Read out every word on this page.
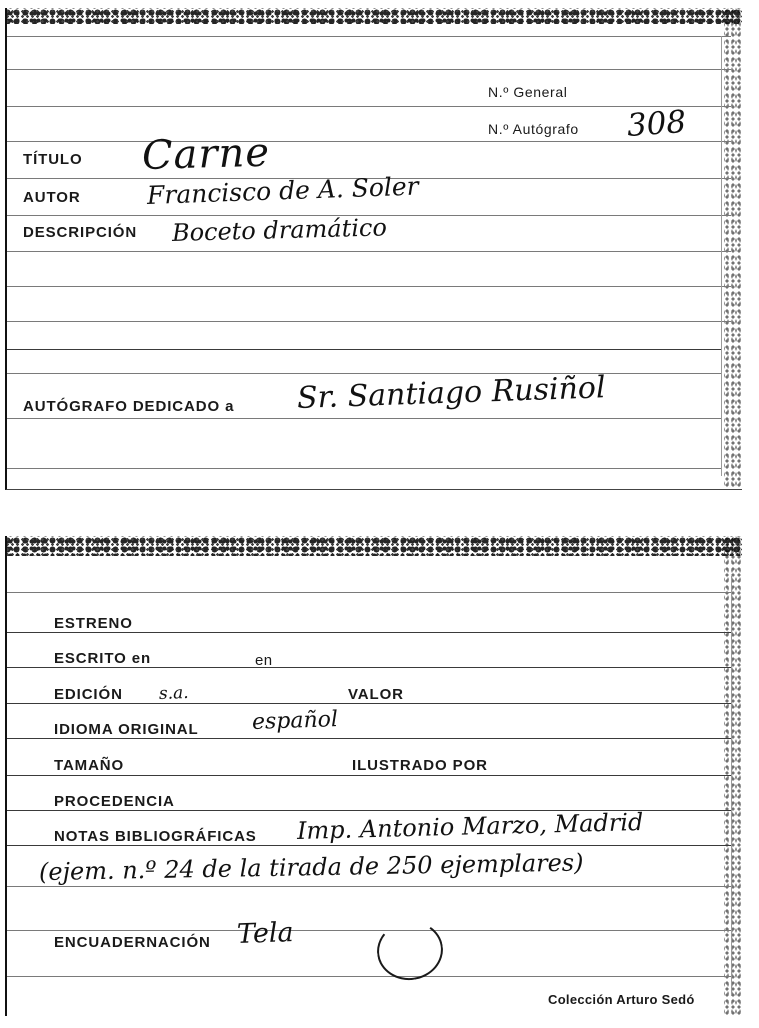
N.º General
N.º Autógrafo 308
TÍTULO Carne
AUTOR	Francisco de A. Soler
DESCRIPCIÓN Boceto dramático
AUTÓGRAFO DEDICADO a Sr. Santiago Rusiñol
ESTRENO
ESCRITO en	en
EDICIÓN s.a.	VALOR
IDIOMA ORIGINAL español
TAMAÑO	ILUSTRADO POR
PROCEDENCIA
NOTAS BIBLIOGRÁFICAS Imp. Antonio Marzo, Madrid
(ejem. n.º 24 de la tirada de 250 ejemplares)
ENCUADERNACIÓN Tela
Colección Arturo Sedó
